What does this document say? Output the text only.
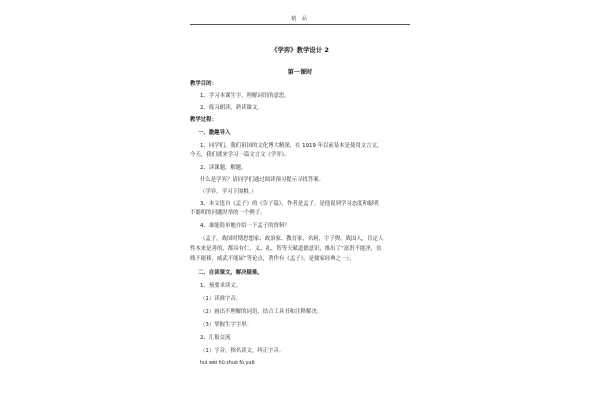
精 品
《学弈》教学设计 2
第一课时
教学目的：
1、学习本课生字，理解词语的意思。
2、练习朗读，熟读课文。
教学过程：
一、激趣导入
1、同学们，我们祖国的文化博大精深，在 1919 年以前基本是使用文言文，
今天，我们就来学习一篇文言文《学弈》。
2、读课题，解题。
什么是学弈？请同学们通过阅读预习提示寻找答案。
（学弈，学习下围棋。）
3、本文选自《孟子》的《告子篇》，作者是孟子。是他说到学习态度和聪明
不聪明的问题时举的一个例子。
4、谁能简单地介绍一下孟子的资料？
（孟子，战国时期思想家、政治家、教育家，名轲，字子舆，战国人，肯定人
性本来是善的，都具有仁、义、礼、智等天赋道德意识，推出了“富贵不能淫，贫
贱不能移，威武不能屈”等论点，著作有《孟子》，是儒家经典之一），
二、自读课文，解决疑难。
1、预要求读文。
（1）读准字音。
（2）画出不理解的词语，结合工具书和注释解决。
（3）掌握生字字形。
2、汇报交流
（1）字音，指名读文，纠正字音。
huì wéi hū zhuó fú yuē
